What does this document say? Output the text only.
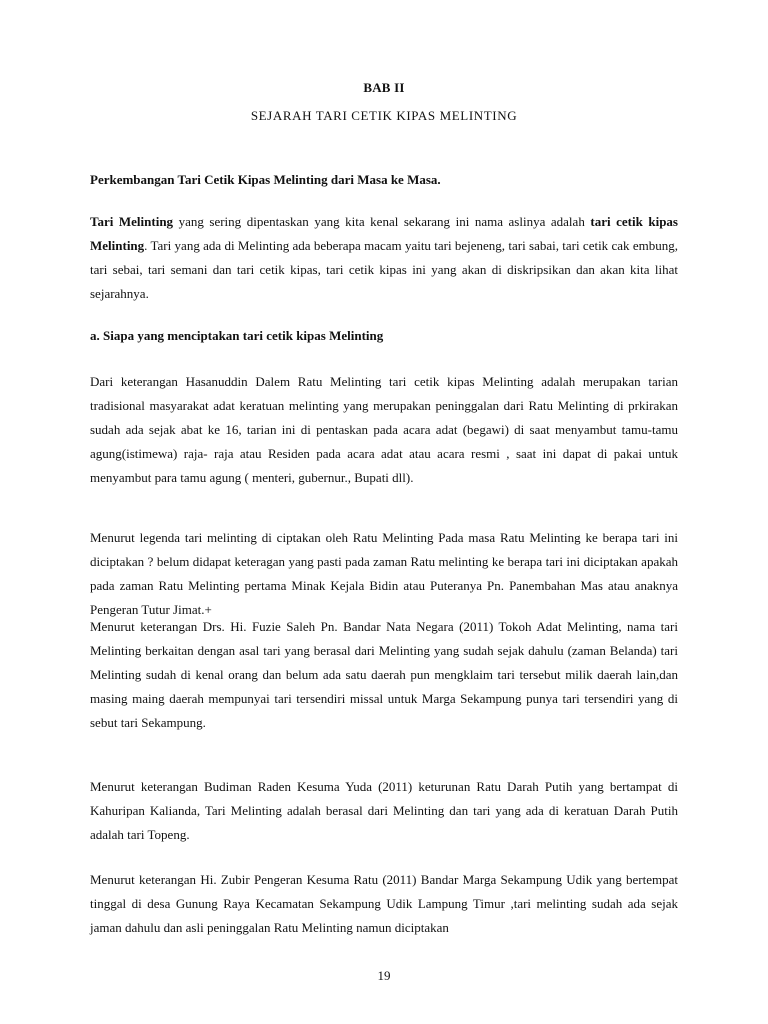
BAB II
SEJARAH TARI CETIK KIPAS MELINTING
Perkembangan Tari Cetik Kipas Melinting dari Masa ke Masa.
Tari Melinting yang sering dipentaskan yang kita kenal sekarang ini nama aslinya adalah tari cetik kipas Melinting. Tari yang ada di Melinting ada beberapa macam yaitu tari bejeneng, tari sabai, tari cetik cak embung, tari sebai, tari semani dan tari cetik kipas, tari cetik kipas ini yang akan di diskripsikan dan akan kita lihat sejarahnya.
a. Siapa yang menciptakan tari cetik kipas Melinting

Dari keterangan Hasanuddin Dalem Ratu Melinting tari cetik kipas Melinting adalah merupakan tarian tradisional masyarakat adat keratuan melinting yang merupakan peninggalan dari Ratu Melinting di prkirakan sudah ada sejak abat ke 16, tarian ini di pentaskan pada acara adat (begawi) di saat menyambut tamu-tamu agung(istimewa) raja- raja atau Residen pada acara adat atau acara resmi , saat ini dapat di pakai untuk menyambut para tamu agung ( menteri, gubernur., Bupati dll).

Menurut legenda tari melinting di ciptakan oleh Ratu Melinting Pada masa Ratu Melinting ke berapa tari ini diciptakan ? belum didapat keteragan yang pasti pada zaman Ratu melinting ke berapa tari ini diciptakan apakah pada zaman Ratu Melinting pertama Minak Kejala Bidin atau Puteranya Pn. Panembahan Mas atau anaknya Pengeran Tutur Jimat.+

Menurut keterangan Drs. Hi. Fuzie Saleh Pn. Bandar Nata Negara (2011) Tokoh Adat Melinting, nama tari Melinting berkaitan dengan asal tari yang berasal dari Melinting yang sudah sejak dahulu (zaman Belanda) tari Melinting sudah di kenal orang dan belum ada satu daerah pun mengklaim tari tersebut milik daerah lain,dan masing maing daerah mempunyai tari tersendiri missal untuk Marga Sekampung punya tari tersendiri yang di sebut tari Sekampung.

Menurut keterangan Budiman Raden Kesuma Yuda (2011) keturunan Ratu Darah Putih yang bertampat di Kahuripan Kalianda, Tari Melinting adalah berasal dari Melinting dan tari yang ada di keratuan Darah Putih adalah tari Topeng.

Menurut keterangan Hi. Zubir Pengeran Kesuma Ratu (2011) Bandar Marga Sekampung Udik yang bertempat tinggal di desa Gunung Raya Kecamatan Sekampung Udik Lampung Timur ,tari melinting sudah ada sejak jaman dahulu dan asli peninggalan Ratu Melinting namun diciptakan

19
